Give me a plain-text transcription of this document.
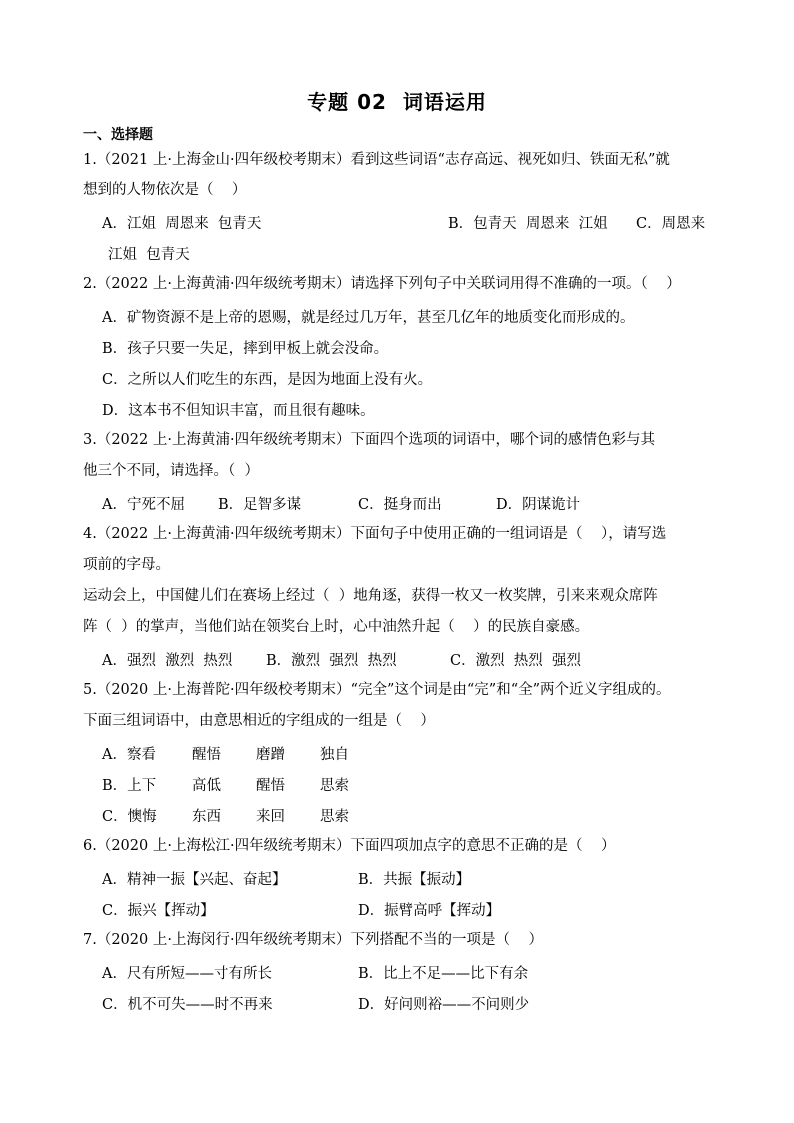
专题 02  词语运用
一、选择题
1.（2021 上·上海金山·四年级校考期末）看到这些词语“志存高远、视死如归、铁面无私”就
想到的人物依次是（    ）
A．江姐  周恩来  包青天	B．包青天  周恩来  江姐 C．周恩来
江姐  包青天
2.（2022 上·上海黄浦·四年级统考期末）请选择下列句子中关联词用得不准确的一项。（    ）
A．矿物资源不是上帝的恩赐，就是经过几万年，甚至几亿年的地质变化而形成的。
B．孩子只要一失足，摔到甲板上就会没命。
C．之所以人们吃生的东西，是因为地面上没有火。
D．这本书不但知识丰富，而且很有趣味。
3.（2022 上·上海黄浦·四年级统考期末）下面四个选项的词语中，哪个词的感情色彩与其
他三个不同，请选择。（  ）
A．宁死不屈 B．足智多谋	C．挺身而出	D．阴谋诡计
4.（2022 上·上海黄浦·四年级统考期末）下面句子中使用正确的一组词语是（    ），请写选
项前的字母。
运动会上，中国健儿们在赛场上经过（  ）地角逐，获得一枚又一枚奖牌，引来来观众席阵
阵（  ）的掌声，当他们站在领奖台上时，心中油然升起（    ）的民族自豪感。
A．强烈  激烈  热烈 B．激烈  强烈  热烈	C．激烈  热烈  强烈
5.（2020 上·上海普陀·四年级校考期末）“完全”这个词是由“完”和“全”两个近义字组成的。
下面三组词语中，由意思相近的字组成的一组是（    ）
A．察看 醒悟 磨蹭 独自
B．上下 高低 醒悟 思索
C．懊悔 东西 来回 思索
6.（2020 上·上海松江·四年级统考期末）下面四项加点字的意思不正确的是（    ）
A．精神一振【兴起、奋起】	B．共振【振动】
C．振兴【挥动】	D．振臂高呼【挥动】
7.（2020 上·上海闵行·四年级统考期末）下列搭配不当的一项是（    ）
A．尺有所短——寸有所长	B．比上不足——比下有余
C．机不可失——时不再来	D．好问则裕——不问则少
